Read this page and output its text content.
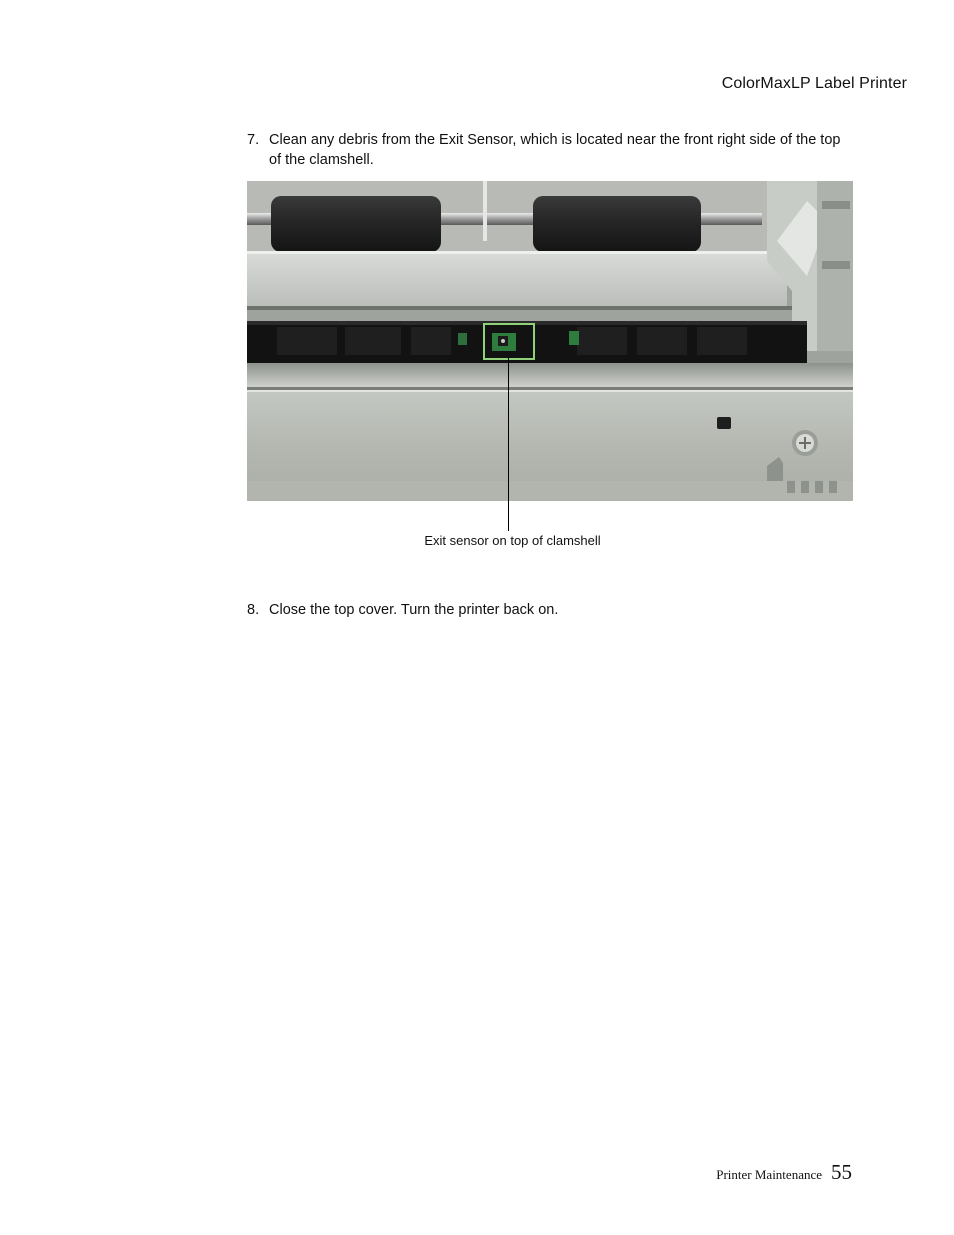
ColorMaxLP Label Printer
7. Clean any debris from the Exit Sensor, which is located near the front right side of the top of the clamshell.
Exit sensor on top of clamshell
8. Close the top cover. Turn the printer back on.
Printer Maintenance 55
